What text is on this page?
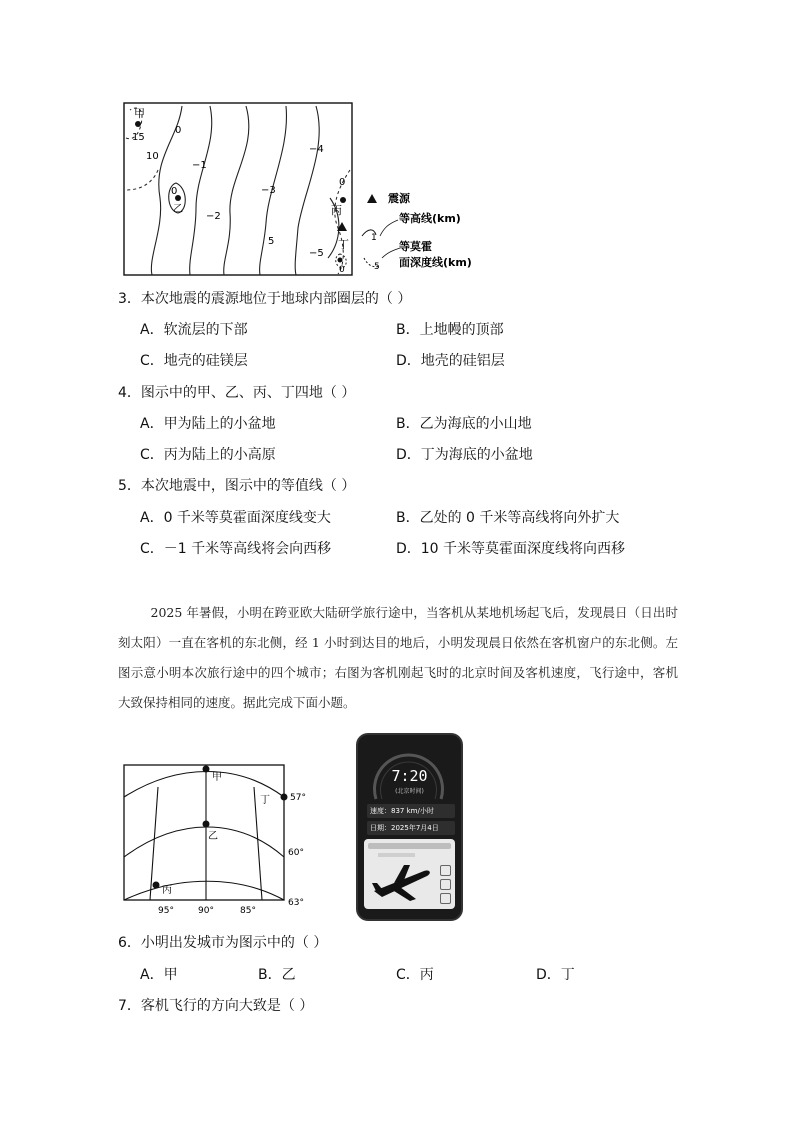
甲
15
10
0
−1
0
乙
−2
−3
5
−4
0
丙
−5
丁
0
震源
1
等高线(km)
5
等莫霍
面深度线(km)
3．本次地震的震源地位于地球内部圈层的（ ）
A．软流层的下部	B．上地幔的顶部
C．地壳的硅镁层	D．地壳的硅铝层
4．图示中的甲、乙、丙、丁四地（ ）
A．甲为陆上的小盆地	B．乙为海底的小山地
C．丙为陆上的小高原	D．丁为海底的小盆地
5．本次地震中，图示中的等值线（ ）
A．0 千米等莫霍面深度线变大	B．乙处的 0 千米等高线将向外扩大
C．－1 千米等高线将会向西移	D．10 千米等莫霍面深度线将向西移

2025 年暑假，小明在跨亚欧大陆研学旅行途中，当客机从某地机场起飞后，发现晨日（日出时刻太阳）一直在客机的东北侧，经 1 小时到达目的地后，小明发现晨日依然在客机窗户的东北侧。左图示意小明本次旅行途中的四个城市；右图为客机刚起飞时的北京时间及客机速度，飞行途中，客机大致保持相同的速度。据此完成下面小题。

甲
丁
乙
丙
57°
60°
63°
95°	90°	85°
7:20
(北京时间)
速度：837 km/小时
日期：2025年7月4日
6．小明出发城市为图示中的（ ）
A．甲	B．乙	C．丙	D．丁
7．客机飞行的方向大致是（ ）
